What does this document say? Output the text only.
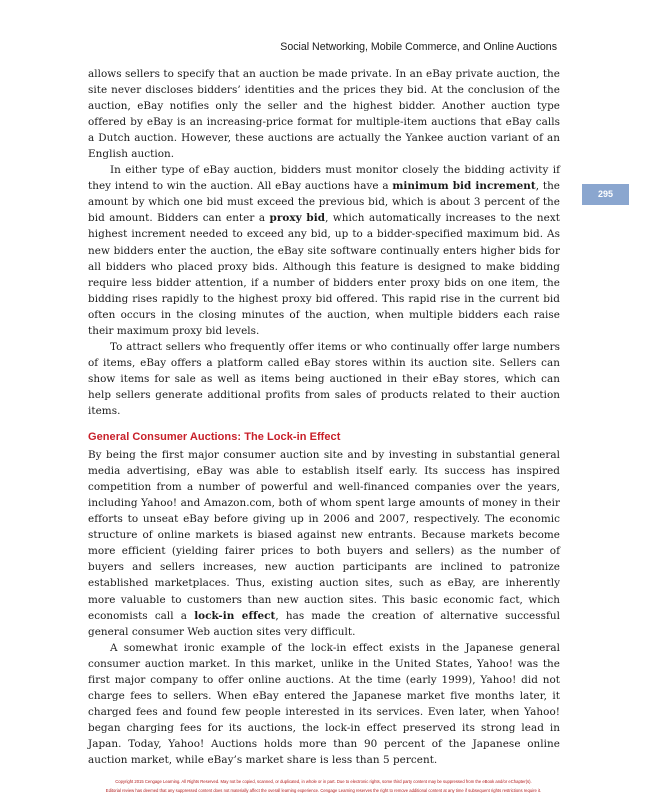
Social Networking, Mobile Commerce, and Online Auctions
295

allows sellers to specify that an auction be made private. In an eBay private auction, the site never discloses bidders’ identities and the prices they bid. At the conclusion of the auction, eBay notifies only the seller and the highest bidder. Another auction type offered by eBay is an increasing-price format for multiple-item auctions that eBay calls a Dutch auction. However, these auctions are actually the Yankee auction variant of an English auction.

In either type of eBay auction, bidders must monitor closely the bidding activity if they intend to win the auction. All eBay auctions have a minimum bid increment, the amount by which one bid must exceed the previous bid, which is about 3 percent of the bid amount. Bidders can enter a proxy bid, which automatically increases to the next highest increment needed to exceed any bid, up to a bidder-specified maximum bid. As new bidders enter the auction, the eBay site software continually enters higher bids for all bidders who placed proxy bids. Although this feature is designed to make bidding require less bidder attention, if a number of bidders enter proxy bids on one item, the bidding rises rapidly to the highest proxy bid offered. This rapid rise in the current bid often occurs in the closing minutes of the auction, when multiple bidders each raise their maximum proxy bid levels.

To attract sellers who frequently offer items or who continually offer large numbers of items, eBay offers a platform called eBay stores within its auction site. Sellers can show items for sale as well as items being auctioned in their eBay stores, which can help sellers generate additional profits from sales of products related to their auction items.

General Consumer Auctions: The Lock-in Effect

By being the first major consumer auction site and by investing in substantial general media advertising, eBay was able to establish itself early. Its success has inspired competition from a number of powerful and well-financed companies over the years, including Yahoo! and Amazon.com, both of whom spent large amounts of money in their efforts to unseat eBay before giving up in 2006 and 2007, respectively. The economic structure of online markets is biased against new entrants. Because markets become more efficient (yielding fairer prices to both buyers and sellers) as the number of buyers and sellers increases, new auction participants are inclined to patronize established marketplaces. Thus, existing auction sites, such as eBay, are inherently more valuable to customers than new auction sites. This basic economic fact, which economists call a lock-in effect, has made the creation of alternative successful general consumer Web auction sites very difficult.

A somewhat ironic example of the lock-in effect exists in the Japanese general consumer auction market. In this market, unlike in the United States, Yahoo! was the first major company to offer online auctions. At the time (early 1999), Yahoo! did not charge fees to sellers. When eBay entered the Japanese market five months later, it charged fees and found few people interested in its services. Even later, when Yahoo! began charging fees for its auctions, the lock-in effect preserved its strong lead in Japan. Today, Yahoo! Auctions holds more than 90 percent of the Japanese online auction market, while eBay’s market share is less than 5 percent.

Copyright 2015 Cengage Learning. All Rights Reserved. May not be copied, scanned, or duplicated, in whole or in part. Due to electronic rights, some third party content may be suppressed from the eBook and/or eChapter(s).
Editorial review has deemed that any suppressed content does not materially affect the overall learning experience. Cengage Learning reserves the right to remove additional content at any time if subsequent rights restrictions require it.
